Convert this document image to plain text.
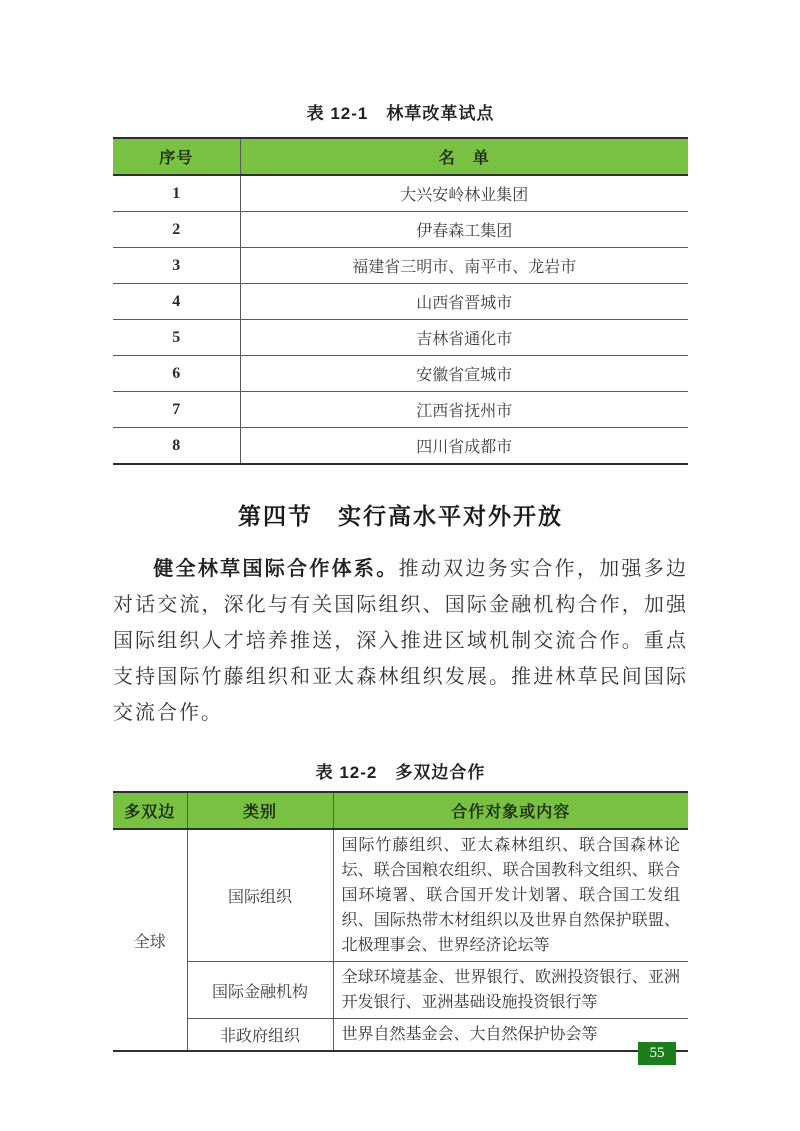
表 12-1　林草改革试点
序号	名　单
1	大兴安岭林业集团
2	伊春森工集团
3	福建省三明市、南平市、龙岩市
4	山西省晋城市
5	吉林省通化市
6	安徽省宣城市
7	江西省抚州市
8	四川省成都市
第四节　实行高水平对外开放
健全林草国际合作体系。推动双边务实合作，加强多边对话交流，深化与有关国际组织、国际金融机构合作，加强国际组织人才培养推送，深入推进区域机制交流合作。重点支持国际竹藤组织和亚太森林组织发展。推进林草民间国际交流合作。
表 12-2　多双边合作
多双边	类别	合作对象或内容
全球	国际组织	国际竹藤组织、亚太森林组织、联合国森林论坛、联合国粮农组织、联合国教科文组织、联合国环境署、联合国开发计划署、联合国工发组织、国际热带木材组织以及世界自然保护联盟、北极理事会、世界经济论坛等
	国际金融机构	全球环境基金、世界银行、欧洲投资银行、亚洲开发银行、亚洲基础设施投资银行等
	非政府组织	世界自然基金会、大自然保护协会等
55
